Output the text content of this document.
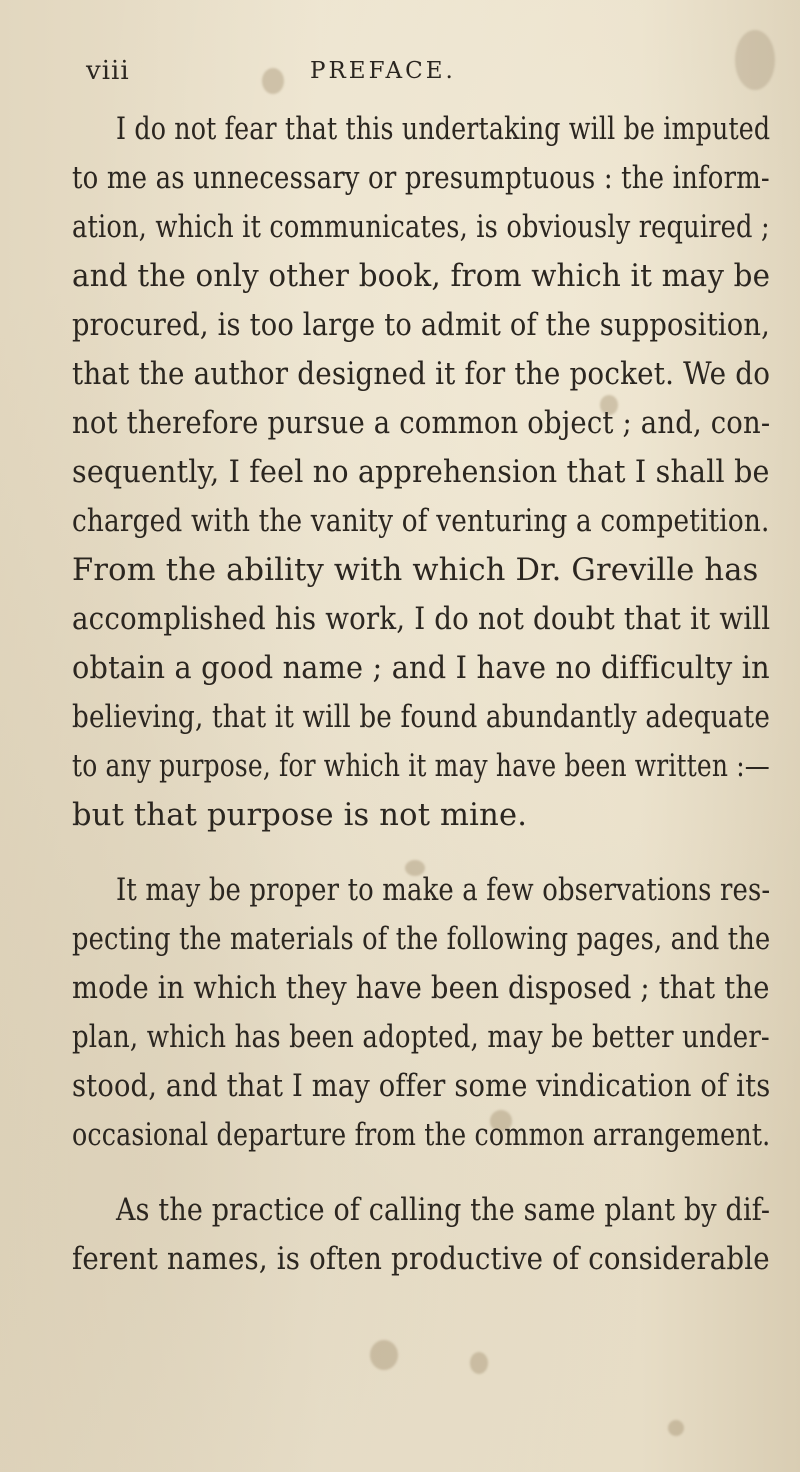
viii	PREFACE.
I do not fear that this undertaking will be imputed
to me as unnecessary or presumptuous : the inform-
ation, which it communicates, is obviously required ;
and the only other book, from which it may be
procured, is too large to admit of the supposition,
that the author designed it for the pocket. We do
not therefore pursue a common object ; and, con-
sequently, I feel no apprehension that I shall be
charged with the vanity of venturing a competition.
From the ability with which Dr. Greville has
accomplished his work, I do not doubt that it will
obtain a good name ; and I have no difficulty in
believing, that it will be found abundantly adequate
to any purpose, for which it may have been written :—
but that purpose is not mine.
It may be proper to make a few observations res-
pecting the materials of the following pages, and the
mode in which they have been disposed ; that the
plan, which has been adopted, may be better under-
stood, and that I may offer some vindication of its
occasional departure from the common arrangement.
As the practice of calling the same plant by dif-
ferent names, is often productive of considerable
